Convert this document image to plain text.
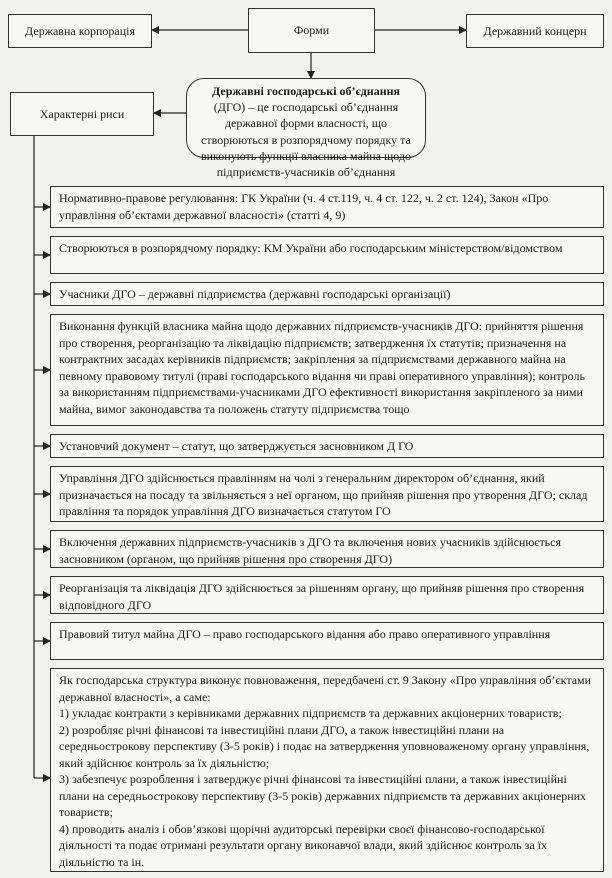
Державна корпорація	Форми	Державний концерн
Державні господарські об’єднання (ДГО) – це господарські об’єднання державної форми власності, що створюються в розпорядчому порядку та виконують функції власника майна щодо підприємств-учасників об’єднання
Характерні риси

Нормативно-правове регулювання: ГК України (ч. 4 ст.119, ч. 4 ст. 122, ч. 2 ст. 124), Закон «Про управління об’єктами державної власності» (статті 4, 9)

Створюються в розпорядчому порядку: КМ України або господарським міністерством/відомством

Учасники ДГО – державні підприємства (державні господарські організації)

Виконання функцій власника майна щодо державних підприємств-учасників ДГО: прийняття рішення про створення, реорганізацію та ліквідацію підприємств; затвердження їх статутів; призначення на контрактних засадах керівників підприємств; закріплення за підприємствами державного майна на певному правовому титулі (праві господарського відання чи праві оперативного управління); контроль за використанням підприємствами-учасниками ДГО ефективності використання закріпленого за ними майна, вимог законодавства та положень статуту підприємства тощо

Установчий документ – статут, що затверджується засновником Д ГО

Управління ДГО здійснюється правлінням на чолі з генеральним директором об’єднання, який призначається на посаду та звільняється з неї органом, що прийняв рішення про утворення ДГО; склад правління та порядок управління ДГО визначається статутом ГО

Включення державних підприємств-учасників з ДГО та включення нових учасників здійснюється засновником (органом, що прийняв рішення про створення ДГО)

Реорганізація та ліквідація ДГО здійснюється за рішенням органу, що прийняв рішення про створення відповідного ДГО

Правовий титул майна ДГО – право господарського відання або право оперативного управління

Як господарська структура виконує повноваження, передбачені ст. 9 Закону «Про управління об’єктами державної власності», а саме:

1) укладає контракти з керівниками державних підприємств та державних акціонерних товариств;

2) розробляє річні фінансові та інвестиційні плани ДГО, а також інвестиційні плани на середньострокову перспективу (3-5 років) і подає на затвердження уповноваженому органу управління, який здійснює контроль за їх діяльністю;

3) забезпечує розроблення і затверджує річні фінансові та інвестиційні плани, а також інвестиційні плани на середньострокову перспективу (3-5 років) державних підприємств та державних акціонерних товариств;

4) проводить аналіз і обов’язкові щорічні аудиторські перевірки своєї фінансово-господарської діяльності та подає отримані результати органу виконавчої влади, який здійснює контроль за їх діяльністю та ін.
